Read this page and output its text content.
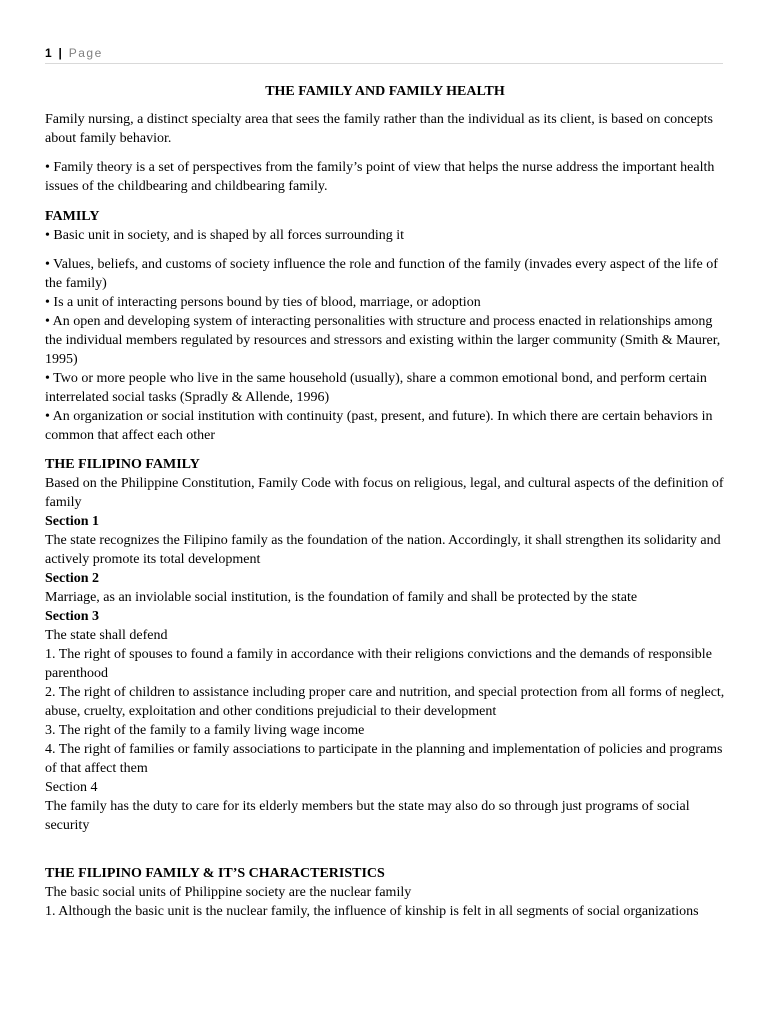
1 | Page

THE FAMILY AND FAMILY HEALTH

Family nursing, a distinct specialty area that sees the family rather than the individual as its client, is based on concepts about family behavior.

• Family theory is a set of perspectives from the family’s point of view that helps the nurse address the important health issues of the childbearing and childbearing family.

FAMILY

• Basic unit in society, and is shaped by all forces surrounding it

• Values, beliefs, and customs of society influence the role and function of the family (invades every aspect of the life of the family)

• Is a unit of interacting persons bound by ties of blood, marriage, or adoption

• An open and developing system of interacting personalities with structure and process enacted in relationships among the individual members regulated by resources and stressors and existing within the larger community (Smith & Maurer, 1995)

• Two or more people who live in the same household (usually), share a common emotional bond, and perform certain interrelated social tasks (Spradly & Allende, 1996)

• An organization or social institution with continuity (past, present, and future). In which there are certain behaviors in common that affect each other

THE FILIPINO FAMILY

Based on the Philippine Constitution, Family Code with focus on religious, legal, and cultural aspects of the definition of family

Section 1

The state recognizes the Filipino family as the foundation of the nation. Accordingly, it shall strengthen its solidarity and actively promote its total development

Section 2

Marriage, as an inviolable social institution, is the foundation of family and shall be protected by the state

Section 3

The state shall defend

1. The right of spouses to found a family in accordance with their religions convictions and the demands of responsible parenthood

2. The right of children to assistance including proper care and nutrition, and special protection from all forms of neglect, abuse, cruelty, exploitation and other conditions prejudicial to their development

3. The right of the family to a family living wage income

4. The right of families or family associations to participate in the planning and implementation of policies and programs of that affect them

Section 4

The family has the duty to care for its elderly members but the state may also do so through just programs of social security

THE FILIPINO FAMILY & IT’S CHARACTERISTICS

The basic social units of Philippine society are the nuclear family

1. Although the basic unit is the nuclear family, the influence of kinship is felt in all segments of social organizations
